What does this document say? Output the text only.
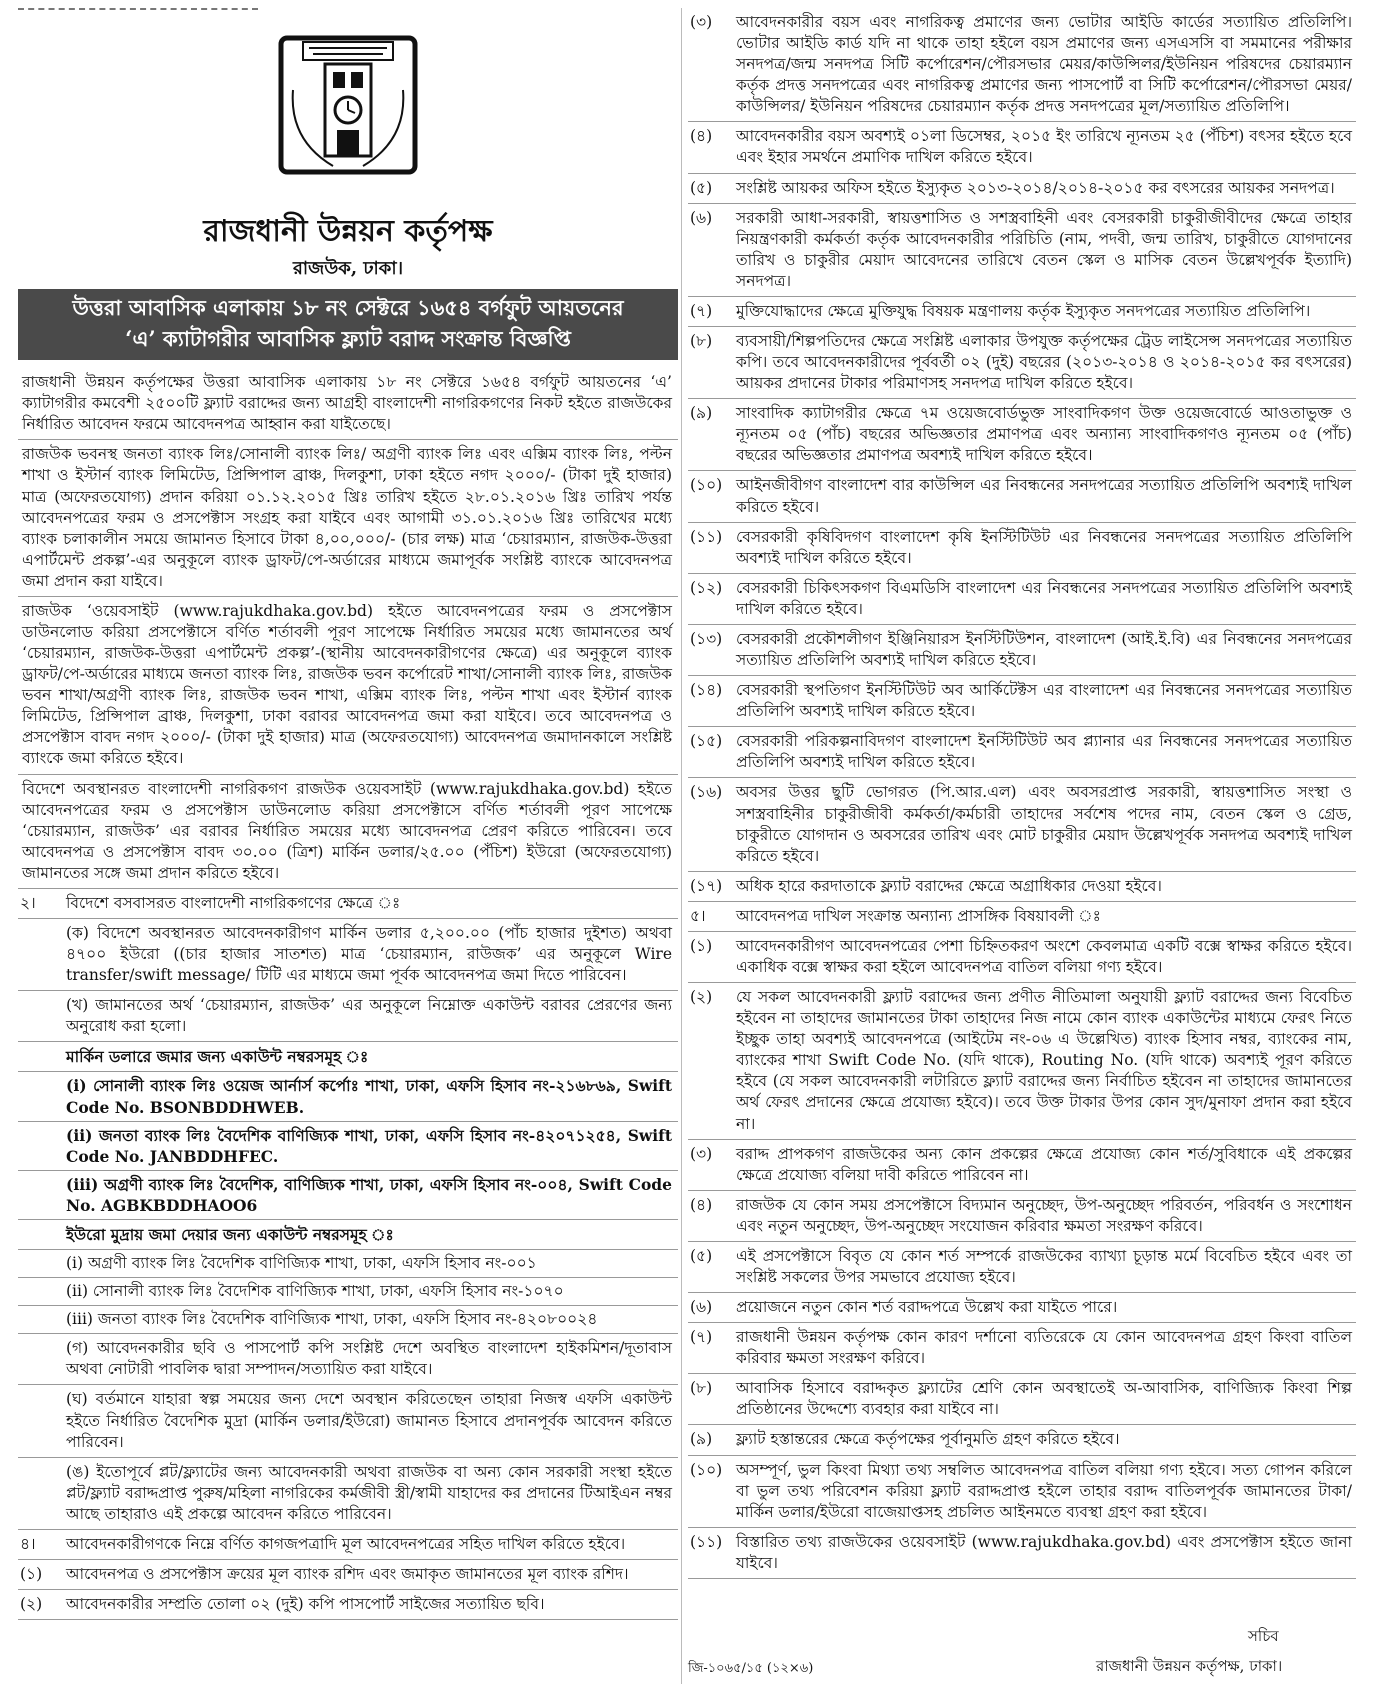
রাজধানী উন্নয়ন কর্তৃপক্ষ
রাজউক, ঢাকা।
উত্তরা আবাসিক এলাকায় ১৮ নং সেক্টরে ১৬৫৪ বর্গফুট আয়তনের
‘এ’ ক্যাটাগরীর আবাসিক ফ্ল্যাট বরাদ্দ সংক্রান্ত বিজ্ঞপ্তি

রাজধানী উন্নয়ন কর্তৃপক্ষের উত্তরা আবাসিক এলাকায় ১৮ নং সেক্টরে ১৬৫৪ বর্গফুট আয়তনের ‘এ’ ক্যাটাগরীর কমবেশী ২৫০০টি ফ্ল্যাট বরাদ্দের জন্য আগ্রহী বাংলাদেশী নাগরিকগণের নিকট হইতে রাজউকের নির্ধারিত আবেদন ফরমে আবেদনপত্র আহ্বান করা যাইতেছে।

রাজউক ভবনস্থ জনতা ব্যাংক লিঃ/সোনালী ব্যাংক লিঃ/ অগ্রণী ব্যাংক লিঃ এবং এক্সিম ব্যাংক লিঃ, পল্টন শাখা ও ইস্টার্ন ব্যাংক লিমিটেড, প্রিন্সিপাল ব্রাঞ্চ, দিলকুশা, ঢাকা হইতে নগদ ২০০০/- (টাকা দুই হাজার) মাত্র (অফেরতযোগ্য) প্রদান করিয়া ০১.১২.২০১৫ খ্রিঃ তারিখ হইতে ২৮.০১.২০১৬ খ্রিঃ তারিখ পর্যন্ত আবেদনপত্রের ফরম ও প্রসপেক্টাস সংগ্রহ করা যাইবে এবং আগামী ৩১.০১.২০১৬ খ্রিঃ তারিখের মধ্যে ব্যাংক চলাকালীন সময়ে জামানত হিসাবে টাকা ৪,০০,০০০/- (চার লক্ষ) মাত্র ‘চেয়ারম্যান, রাজউক-উত্তরা এপার্টমেন্ট প্রকল্প’-এর অনুকূলে ব্যাংক ড্রাফট/পে-অর্ডারের মাধ্যমে জমাপূর্বক সংশ্লিষ্ট ব্যাংকে আবেদনপত্র জমা প্রদান করা যাইবে।

রাজউক ‘ওয়েবসাইট (www.rajukdhaka.gov.bd) হইতে আবেদনপত্রের ফরম ও প্রসপেক্টাস ডাউনলোড করিয়া প্রসপেক্টাসে বর্ণিত শর্তাবলী পূরণ সাপেক্ষে নির্ধারিত সময়ের মধ্যে জামানতের অর্থ ‘চেয়ারম্যান, রাজউক-উত্তরা এপার্টমেন্ট প্রকল্প’-(স্থানীয় আবেদনকারীগণের ক্ষেত্রে) এর অনুকূলে ব্যাংক ড্রাফট/পে-অর্ডারের মাধ্যমে জনতা ব্যাংক লিঃ, রাজউক ভবন কর্পোরেট শাখা/সোনালী ব্যাংক লিঃ, রাজউক ভবন শাখা/অগ্রণী ব্যাংক লিঃ, রাজউক ভবন শাখা, এক্সিম ব্যাংক লিঃ, পল্টন শাখা এবং ইস্টার্ন ব্যাংক লিমিটেড, প্রিন্সিপাল ব্রাঞ্চ, দিলকুশা, ঢাকা বরাবর আবেদনপত্র জমা করা যাইবে। তবে আবেদনপত্র ও প্রসপেক্টাস বাবদ নগদ ২০০০/- (টাকা দুই হাজার) মাত্র (অফেরতযোগ্য) আবেদনপত্র জমাদানকালে সংশ্লিষ্ট ব্যাংকে জমা করিতে হইবে।

বিদেশে অবস্থানরত বাংলাদেশী নাগরিকগণ রাজউক ওয়েবসাইট (www.rajukdhaka.gov.bd) হইতে আবেদনপত্রের ফরম ও প্রসপেক্টাস ডাউনলোড করিয়া প্রসপেক্টাসে বর্ণিত শর্তাবলী পূরণ সাপেক্ষে ‘চেয়ারম্যান, রাজউক’ এর বরাবর নির্ধারিত সময়ের মধ্যে আবেদনপত্র প্রেরণ করিতে পারিবেন। তবে আবেদনপত্র ও প্রসপেক্টাস বাবদ ৩০.০০ (ত্রিশ) মার্কিন ডলার/২৫.০০ (পঁচিশ) ইউরো (অফেরতযোগ্য) জামানতের সঙ্গে জমা প্রদান করিতে হইবে।

২।	বিদেশে বসবাসরত বাংলাদেশী নাগরিকগণের ক্ষেত্রে ঃ
(ক) বিদেশে অবস্থানরত আবেদনকারীগণ মার্কিন ডলার ৫,২০০.০০ (পাঁচ হাজার দুইশত) অথবা ৪৭০০ ইউরো ((চার হাজার সাতশত) মাত্র ‘চেয়ারম্যান, রাউজক’ এর অনুকূলে Wire transfer/swift message/ টিটি এর মাধ্যমে জমা পূর্বক আবেদনপত্র জমা দিতে পারিবেন।
(খ) জামানতের অর্থ ‘চেয়ারম্যান, রাজউক’ এর অনুকূলে নিম্নোক্ত একাউন্ট বরাবর প্রেরণের জন্য অনুরোধ করা হলো।
মার্কিন ডলারে জমার জন্য একাউন্ট নম্বরসমূহ ঃ
(i) সোনালী ব্যাংক লিঃ ওয়েজ আর্নার্স কর্পোঃ শাখা, ঢাকা, এফসি হিসাব নং-২১৬৮৬৯, Swift Code No. BSONBDDHWEB.
(ii) জনতা ব্যাংক লিঃ বৈদেশিক বাণিজ্যিক শাখা, ঢাকা, এফসি হিসাব নং-৪২০৭১২৫৪, Swift Code No. JANBDDHFEC.
(iii) অগ্রণী ব্যাংক লিঃ বৈদেশিক, বাণিজ্যিক শাখা, ঢাকা, এফসি হিসাব নং-০০৪, Swift Code No. AGBKBDDHAOO6
ইউরো মুদ্রায় জমা দেয়ার জন্য একাউন্ট নম্বরসমূহ ঃ
(i) অগ্রণী ব্যাংক লিঃ বৈদেশিক বাণিজ্যিক শাখা, ঢাকা, এফসি হিসাব নং-০০১
(ii) সোনালী ব্যাংক লিঃ বৈদেশিক বাণিজ্যিক শাখা, ঢাকা, এফসি হিসাব নং-১০৭০
(iii) জনতা ব্যাংক লিঃ বৈদেশিক বাণিজ্যিক শাখা, ঢাকা, এফসি হিসাব নং-৪২০৮০০২৪
(গ) আবেদনকারীর ছবি ও পাসপোর্ট কপি সংশ্লিষ্ট দেশে অবস্থিত বাংলাদেশ হাইকমিশন/দূতাবাস অথবা নোটারী পাবলিক দ্বারা সম্পাদন/সত্যায়িত করা যাইবে।
(ঘ) বর্তমানে যাহারা স্বল্প সময়ের জন্য দেশে অবস্থান করিতেছেন তাহারা নিজস্ব এফসি একাউন্ট হইতে নির্ধারিত বৈদেশিক মুদ্রা (মার্কিন ডলার/ইউরো) জামানত হিসাবে প্রদানপূর্বক আবেদন করিতে পারিবেন।
(ঙ) ইতোপূর্বে প্লট/ফ্ল্যাটের জন্য আবেদনকারী অথবা রাজউক বা অন্য কোন সরকারী সংস্থা হইতে প্লট/ফ্ল্যাট বরাদ্দপ্রাপ্ত পুরুষ/মহিলা নাগরিকের কর্মজীবী স্ত্রী/স্বামী যাহাদের কর প্রদানের টিআইএন নম্বর আছে তাহারাও এই প্রকল্পে আবেদন করিতে পারিবেন।
৪।	আবেদনকারীগণকে নিম্নে বর্ণিত কাগজপত্রাদি মূল আবেদনপত্রের সহিত দাখিল করিতে হইবে।
(১)	আবেদনপত্র ও প্রসপেক্টাস ক্রয়ের মূল ব্যাংক রশিদ এবং জমাকৃত জামানতের মূল ব্যাংক রশিদ।
(২)	আবেদনকারীর সম্প্রতি তোলা ০২ (দুই) কপি পাসপোর্ট সাইজের সত্যায়িত ছবি।
(৩)	আবেদনকারীর বয়স এবং নাগরিকত্ব প্রমাণের জন্য ভোটার আইডি কার্ডের সত্যায়িত প্রতিলিপি। ভোটার আইডি কার্ড যদি না থাকে তাহা হইলে বয়স প্রমাণের জন্য এসএসসি বা সমমানের পরীক্ষার সনদপত্র/জন্ম সনদপত্র সিটি কর্পোরেশন/পৌরসভার মেয়র/কাউন্সিলর/ইউনিয়ন পরিষদের চেয়ারম্যান কর্তৃক প্রদত্ত সনদপত্রের এবং নাগরিকত্ব প্রমাণের জন্য পাসপোর্ট বা সিটি কর্পোরেশন/পৌরসভা মেয়র/কাউন্সিলর/ ইউনিয়ন পরিষদের চেয়ারম্যান কর্তৃক প্রদত্ত সনদপত্রের মূল/সত্যায়িত প্রতিলিপি।
(৪)	আবেদনকারীর বয়স অবশ্যই ০১লা ডিসেম্বর, ২০১৫ ইং তারিখে ন্যূনতম ২৫ (পঁচিশ) বৎসর হইতে হবে এবং ইহার সমর্থনে প্রমাণিক দাখিল করিতে হইবে।
(৫)	সংশ্লিষ্ট আয়কর অফিস হইতে ইস্যুকৃত ২০১৩-২০১৪/২০১৪-২০১৫ কর বৎসরের আয়কর সনদপত্র।
(৬)	সরকারী আধা-সরকারী, স্বায়ত্তশাসিত ও সশস্ত্রবাহিনী এবং বেসরকারী চাকুরীজীবীদের ক্ষেত্রে তাহার নিয়ন্ত্রণকারী কর্মকর্তা কর্তৃক আবেদনকারীর পরিচিতি (নাম, পদবী, জন্ম তারিখ, চাকুরীতে যোগদানের তারিখ ও চাকুরীর মেয়াদ আবেদনের তারিখে বেতন স্কেল ও মাসিক বেতন উল্লেখপূর্বক ইত্যাদি) সনদপত্র।
(৭)	মুক্তিযোদ্ধাদের ক্ষেত্রে মুক্তিযুদ্ধ বিষয়ক মন্ত্রণালয় কর্তৃক ইস্যুকৃত সনদপত্রের সত্যায়িত প্রতিলিপি।
(৮)	ব্যবসায়ী/শিল্পপতিদের ক্ষেত্রে সংশ্লিষ্ট এলাকার উপযুক্ত কর্তৃপক্ষের ট্রেড লাইসেন্স সনদপত্রের সত্যায়িত কপি। তবে আবেদনকারীদের পূর্ববর্তী ০২ (দুই) বছরের (২০১৩-২০১৪ ও ২০১৪-২০১৫ কর বৎসরের) আয়কর প্রদানের টাকার পরিমাণসহ সনদপত্র দাখিল করিতে হইবে।
(৯)	সাংবাদিক ক্যাটাগরীর ক্ষেত্রে ৭ম ওয়েজবোর্ডভুক্ত সাংবাদিকগণ উক্ত ওয়েজবোর্ডে আওতাভুক্ত ও ন্যূনতম ০৫ (পাঁচ) বছরের অভিজ্ঞতার প্রমাণপত্র এবং অন্যান্য সাংবাদিকগণও ন্যূনতম ০৫ (পাঁচ) বছরের অভিজ্ঞতার প্রমাণপত্র অবশ্যই দাখিল করিতে হইবে।
(১০) আইনজীবীগণ বাংলাদেশ বার কাউন্সিল এর নিবন্ধনের সনদপত্রের সত্যায়িত প্রতিলিপি অবশ্যই দাখিল করিতে হইবে।
(১১) বেসরকারী কৃষিবিদগণ বাংলাদেশ কৃষি ইনস্টিটিউট এর নিবন্ধনের সনদপত্রের সত্যায়িত প্রতিলিপি অবশ্যই দাখিল করিতে হইবে।
(১২) বেসরকারী চিকিৎসকগণ বিএমডিসি বাংলাদেশ এর নিবন্ধনের সনদপত্রের সত্যায়িত প্রতিলিপি অবশ্যই দাখিল করিতে হইবে।
(১৩) বেসরকারী প্রকৌশলীগণ ইঞ্জিনিয়ারস ইনস্টিটিউশন, বাংলাদেশ (আই.ই.বি) এর নিবন্ধনের সনদপত্রের সত্যায়িত প্রতিলিপি অবশ্যই দাখিল করিতে হইবে।
(১৪) বেসরকারী স্থপতিগণ ইনস্টিটিউট অব আর্কিটেক্টস এর বাংলাদেশ এর নিবন্ধনের সনদপত্রের সত্যায়িত প্রতিলিপি অবশ্যই দাখিল করিতে হইবে।
(১৫) বেসরকারী পরিকল্পনাবিদগণ বাংলাদেশ ইনস্টিটিউট অব প্ল্যানার এর নিবন্ধনের সনদপত্রের সত্যায়িত প্রতিলিপি অবশ্যই দাখিল করিতে হইবে।
(১৬) অবসর উত্তর ছুটি ভোগরত (পি.আর.এল) এবং অবসরপ্রাপ্ত সরকারী, স্বায়ত্তশাসিত সংস্থা ও সশস্ত্রবাহিনীর চাকুরীজীবী কর্মকর্তা/কর্মচারী তাহাদের সর্বশেষ পদের নাম, বেতন স্কেল ও গ্রেড, চাকুরীতে যোগদান ও অবসরের তারিখ এবং মোট চাকুরীর মেয়াদ উল্লেখপূর্বক সনদপত্র অবশ্যই দাখিল করিতে হইবে।
(১৭) অধিক হারে করদাতাকে ফ্ল্যাট বরাদ্দের ক্ষেত্রে অগ্রাধিকার দেওয়া হইবে।
৫।	আবেদনপত্র দাখিল সংক্রান্ত অন্যান্য প্রাসঙ্গিক বিষয়াবলী ঃ
(১)	আবেদনকারীগণ আবেদনপত্রের পেশা চিহ্নিতকরণ অংশে কেবলমাত্র একটি বক্সে স্বাক্ষর করিতে হইবে। একাধিক বক্সে স্বাক্ষর করা হইলে আবেদনপত্র বাতিল বলিয়া গণ্য হইবে।
(২)	যে সকল আবেদনকারী ফ্ল্যাট বরাদ্দের জন্য প্রণীত নীতিমালা অনুযায়ী ফ্ল্যাট বরাদ্দের জন্য বিবেচিত হইবেন না তাহাদের জামানতের টাকা তাহাদের নিজ নামে কোন ব্যাংক একাউন্টের মাধ্যমে ফেরৎ নিতে ইচ্ছুক তাহা অবশ্যই আবেদনপত্রে (আইটেম নং-০৬ এ উল্লেখিত) ব্যাংক হিসাব নম্বর, ব্যাংকের নাম, ব্যাংকের শাখা Swift Code No. (যদি থাকে), Routing No. (যদি থাকে) অবশ্যই পূরণ করিতে হইবে (যে সকল আবেদনকারী লটারিতে ফ্ল্যাট বরাদ্দের জন্য নির্বাচিত হইবেন না তাহাদের জামানতের অর্থ ফেরৎ প্রদানের ক্ষেত্রে প্রযোজ্য হইবে)। তবে উক্ত টাকার উপর কোন সুদ/মুনাফা প্রদান করা হইবে না।
(৩)	বরাদ্দ প্রাপকগণ রাজউকের অন্য কোন প্রকল্পের ক্ষেত্রে প্রযোজ্য কোন শর্ত/সুবিধাকে এই প্রকল্পের ক্ষেত্রে প্রযোজ্য বলিয়া দাবী করিতে পারিবেন না।
(৪)	রাজউক যে কোন সময় প্রসপেক্টাসে বিদ্যমান অনুচ্ছেদ, উপ-অনুচ্ছেদ পরিবর্তন, পরিবর্ধন ও সংশোধন এবং নতুন অনুচ্ছেদ, উপ-অনুচ্ছেদ সংযোজন করিবার ক্ষমতা সংরক্ষণ করিবে।
(৫)	এই প্রসপেক্টাসে বিবৃত যে কোন শর্ত সম্পর্কে রাজউকের ব্যাখ্যা চূড়ান্ত মর্মে বিবেচিত হইবে এবং তা সংশ্লিষ্ট সকলের উপর সমভাবে প্রযোজ্য হইবে।
(৬)	প্রয়োজনে নতুন কোন শর্ত বরাদ্দপত্রে উল্লেখ করা যাইতে পারে।
(৭)	রাজধানী উন্নয়ন কর্তৃপক্ষ কোন কারণ দর্শানো ব্যতিরেকে যে কোন আবেদনপত্র গ্রহণ কিংবা বাতিল করিবার ক্ষমতা সংরক্ষণ করিবে।
(৮)	আবাসিক হিসাবে বরাদ্দকৃত ফ্ল্যাটের শ্রেণি কোন অবস্থাতেই অ-আবাসিক, বাণিজ্যিক কিংবা শিল্প প্রতিষ্ঠানের উদ্দেশ্যে ব্যবহার করা যাইবে না।
(৯)	ফ্ল্যাট হস্তান্তরের ক্ষেত্রে কর্তৃপক্ষের পূর্বানুমতি গ্রহণ করিতে হইবে।
(১০) অসম্পূর্ণ, ভুল কিংবা মিথ্যা তথ্য সম্বলিত আবেদনপত্র বাতিল বলিয়া গণ্য হইবে। সত্য গোপন করিলে বা ভুল তথ্য পরিবেশন করিয়া ফ্ল্যাট বরাদ্দপ্রাপ্ত হইলে তাহার বরাদ্দ বাতিলপূর্বক জামানতের টাকা/মার্কিন ডলার/ইউরো বাজেয়াপ্তসহ প্রচলিত আইনমতে ব্যবস্থা গ্রহণ করা হইবে।
(১১) বিস্তারিত তথ্য রাজউকের ওয়েবসাইট (www.rajukdhaka.gov.bd) এবং প্রসপেক্টাস হইতে জানা যাইবে।
সচিব
রাজধানী উন্নয়ন কর্তৃপক্ষ, ঢাকা।
জি-১০৬৫/১৫ (১২×৬)
